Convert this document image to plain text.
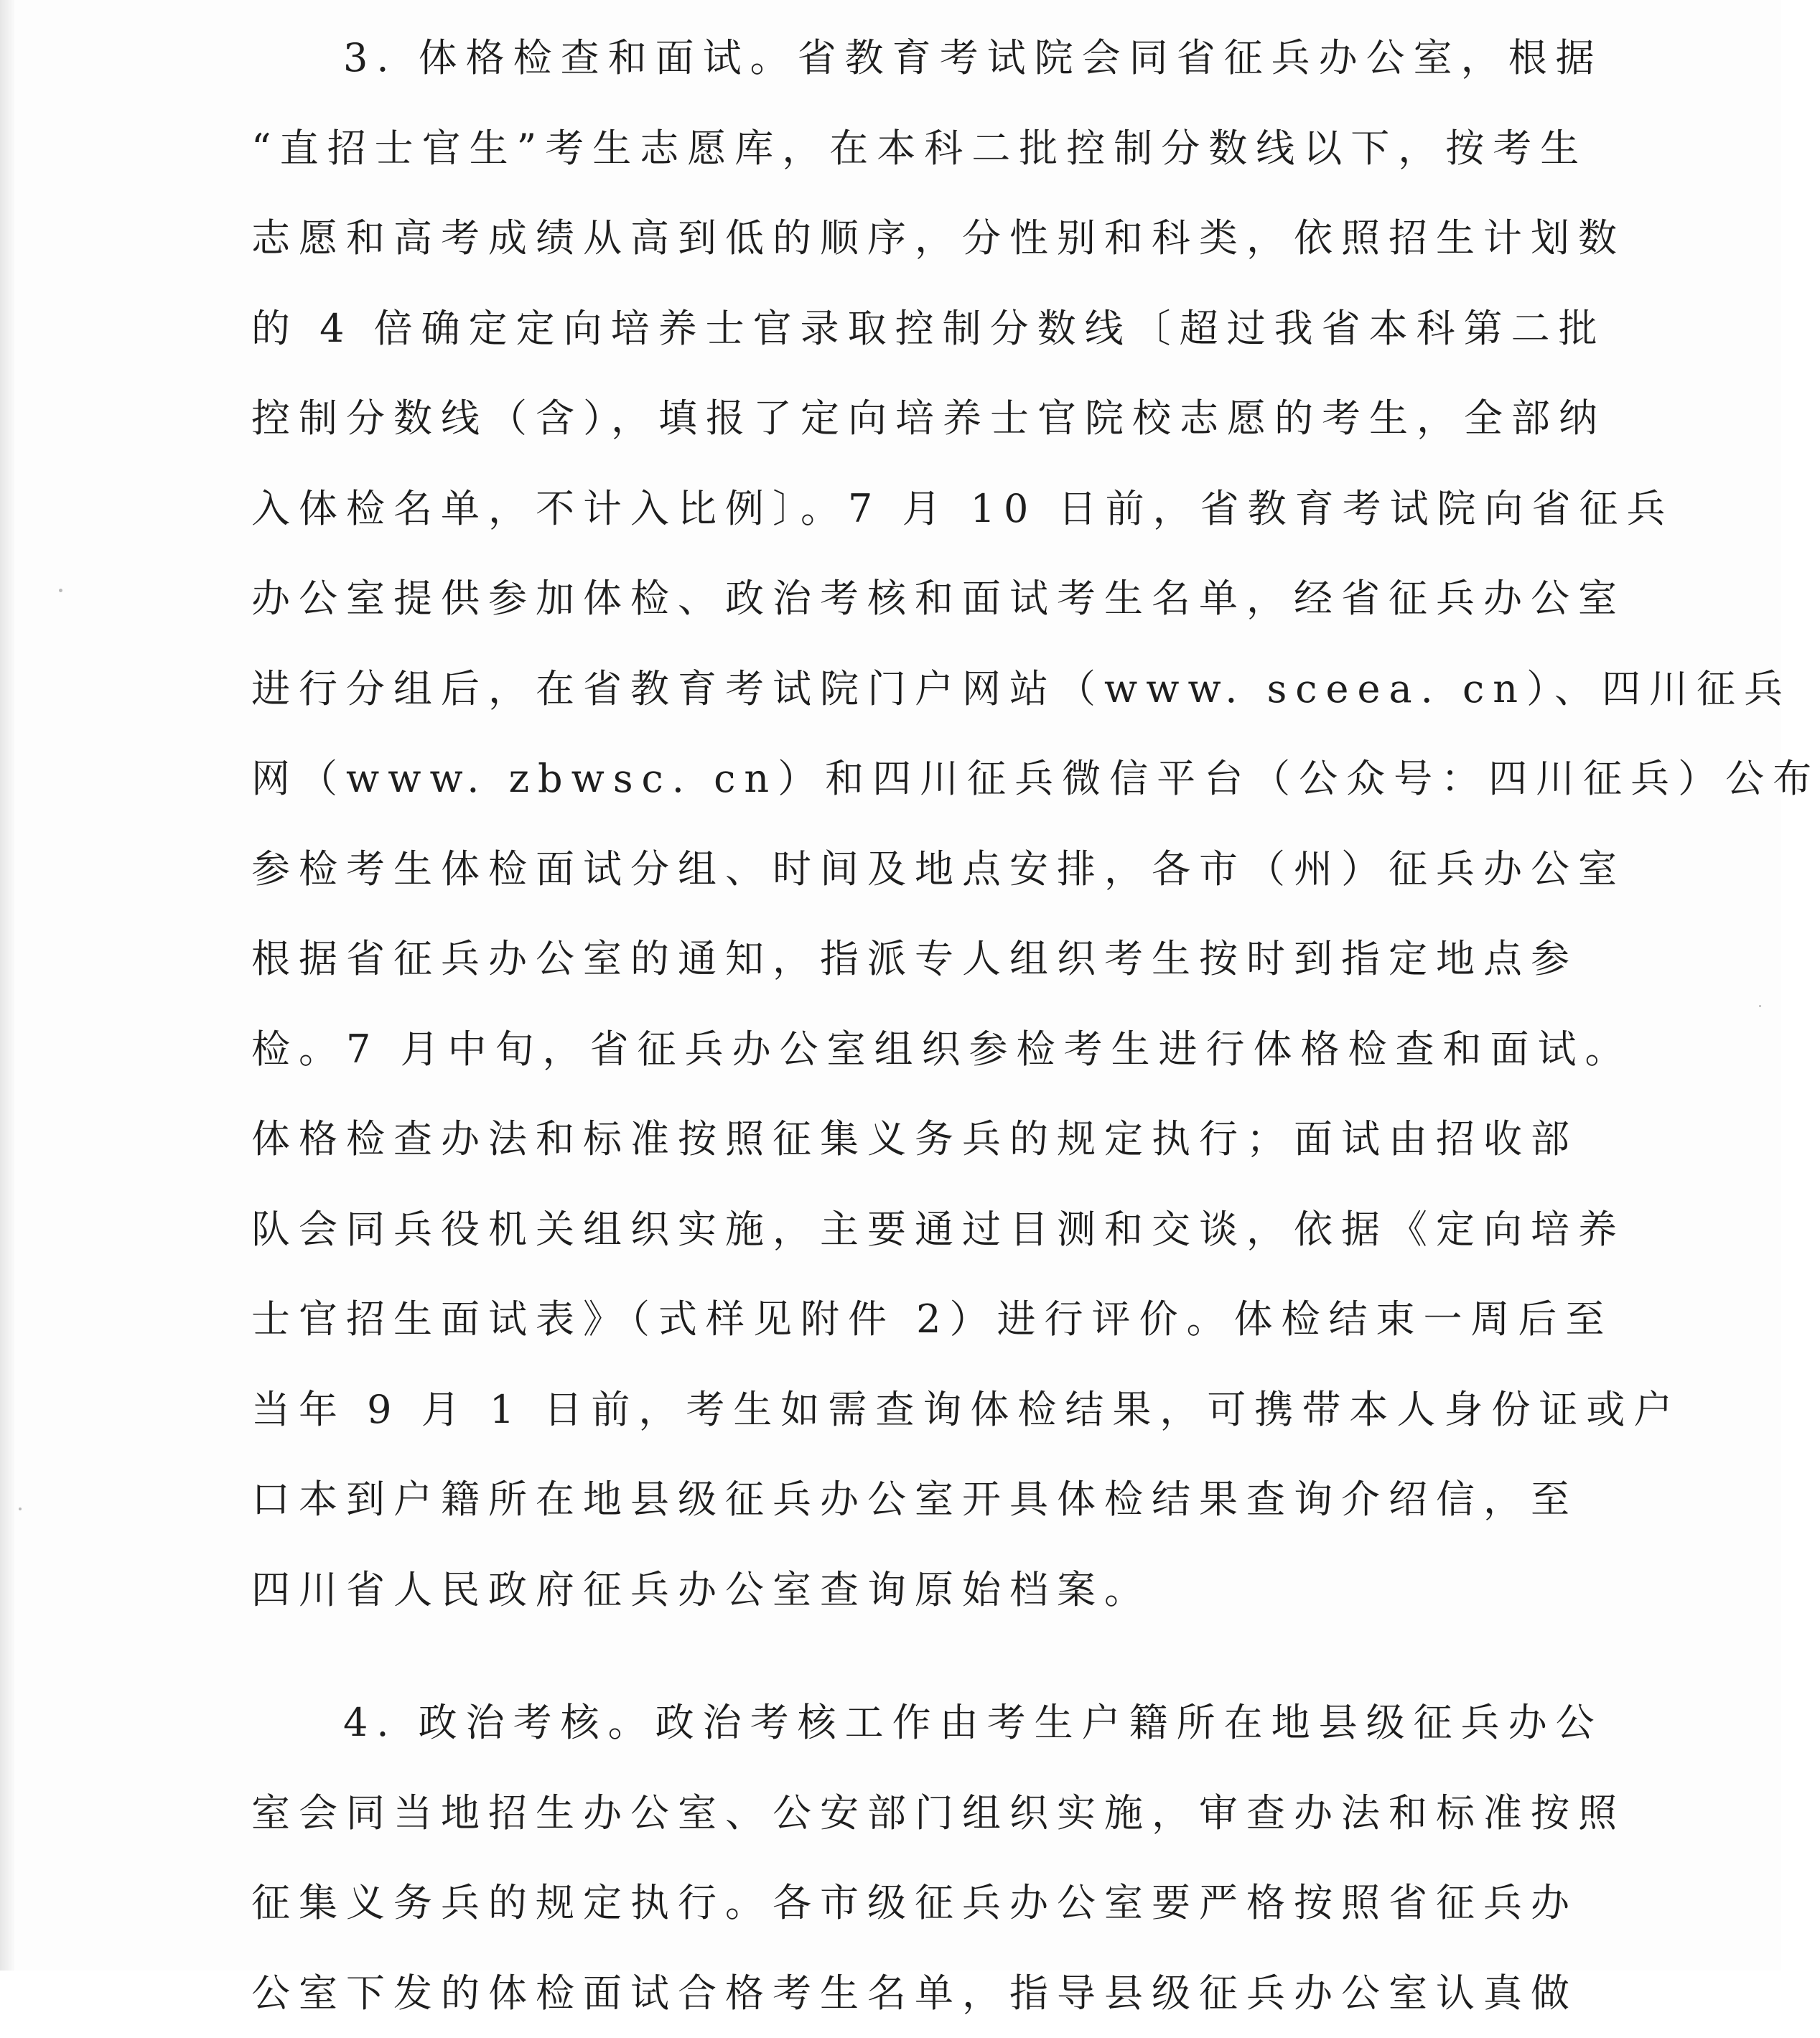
3. 体格检查和面试。省教育考试院会同省征兵办公室，根据
“直招士官生”考生志愿库，在本科二批控制分数线以下，按考生
志愿和高考成绩从高到低的顺序，分性别和科类，依照招生计划数
的 4 倍确定定向培养士官录取控制分数线〔超过我省本科第二批
控制分数线（含），填报了定向培养士官院校志愿的考生，全部纳
入体检名单，不计入比例〕。7 月 10 日前，省教育考试院向省征兵
办公室提供参加体检、政治考核和面试考生名单，经省征兵办公室
进行分组后，在省教育考试院门户网站（www. sceea. cn）、四川征兵
网（www. zbwsc. cn）和四川征兵微信平台（公众号：四川征兵）公布
参检考生体检面试分组、时间及地点安排，各市（州）征兵办公室
根据省征兵办公室的通知，指派专人组织考生按时到指定地点参
检。7 月中旬，省征兵办公室组织参检考生进行体格检查和面试。
体格检查办法和标准按照征集义务兵的规定执行；面试由招收部
队会同兵役机关组织实施，主要通过目测和交谈，依据《定向培养
士官招生面试表》（式样见附件 2）进行评价。体检结束一周后至
当年 9 月 1 日前，考生如需查询体检结果，可携带本人身份证或户
口本到户籍所在地县级征兵办公室开具体检结果查询介绍信，至
四川省人民政府征兵办公室查询原始档案。
4. 政治考核。政治考核工作由考生户籍所在地县级征兵办公
室会同当地招生办公室、公安部门组织实施，审查办法和标准按照
征集义务兵的规定执行。各市级征兵办公室要严格按照省征兵办
公室下发的体检面试合格考生名单，指导县级征兵办公室认真做
